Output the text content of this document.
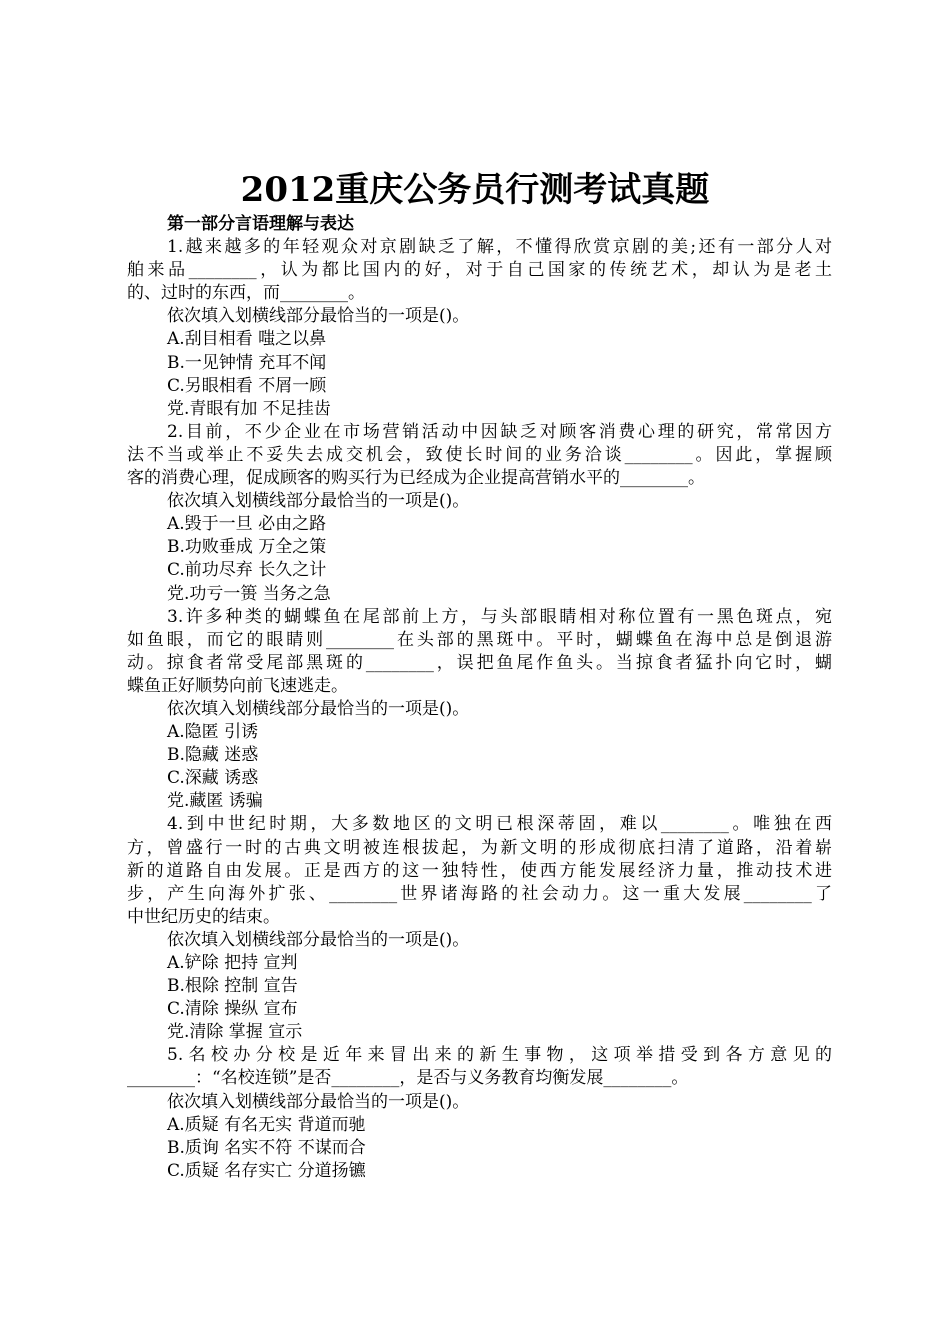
2012重庆公务员行测考试真题
第一部分言语理解与表达
1.越来越多的年轻观众对京剧缺乏了解，不懂得欣赏京剧的美;还有一部分人对
舶来品________，认为都比国内的好，对于自己国家的传统艺术，却认为是老土
的、过时的东西，而________。
依次填入划横线部分最恰当的一项是()。
A.刮目相看 嗤之以鼻
B.一见钟情 充耳不闻
C.另眼相看 不屑一顾
党.青眼有加 不足挂齿
2.目前，不少企业在市场营销活动中因缺乏对顾客消费心理的研究，常常因方
法不当或举止不妥失去成交机会，致使长时间的业务洽谈________。因此，掌握顾
客的消费心理，促成顾客的购买行为已经成为企业提高营销水平的________。
依次填入划横线部分最恰当的一项是()。
A.毁于一旦 必由之路
B.功败垂成 万全之策
C.前功尽弃 长久之计
党.功亏一篑 当务之急
3.许多种类的蝴蝶鱼在尾部前上方，与头部眼睛相对称位置有一黑色斑点，宛
如鱼眼，而它的眼睛则________在头部的黑斑中。平时，蝴蝶鱼在海中总是倒退游
动。掠食者常受尾部黑斑的________，误把鱼尾作鱼头。当掠食者猛扑向它时，蝴
蝶鱼正好顺势向前飞速逃走。
依次填入划横线部分最恰当的一项是()。
A.隐匿 引诱
B.隐藏 迷惑
C.深藏 诱惑
党.藏匿 诱骗
4.到中世纪时期，大多数地区的文明已根深蒂固，难以________。唯独在西
方，曾盛行一时的古典文明被连根拔起，为新文明的形成彻底扫清了道路，沿着崭
新的道路自由发展。正是西方的这一独特性，使西方能发展经济力量，推动技术进
步，产生向海外扩张、________世界诸海路的社会动力。这一重大发展________了
中世纪历史的结束。
依次填入划横线部分最恰当的一项是()。
A.铲除 把持 宣判
B.根除 控制 宣告
C.清除 操纵 宣布
党.清除 掌握 宣示
5.名校办分校是近年来冒出来的新生事物，这项举措受到各方意见的
________：“名校连锁”是否________，是否与义务教育均衡发展________。
依次填入划横线部分最恰当的一项是()。
A.质疑 有名无实 背道而驰
B.质询 名实不符 不谋而合
C.质疑 名存实亡 分道扬镳
